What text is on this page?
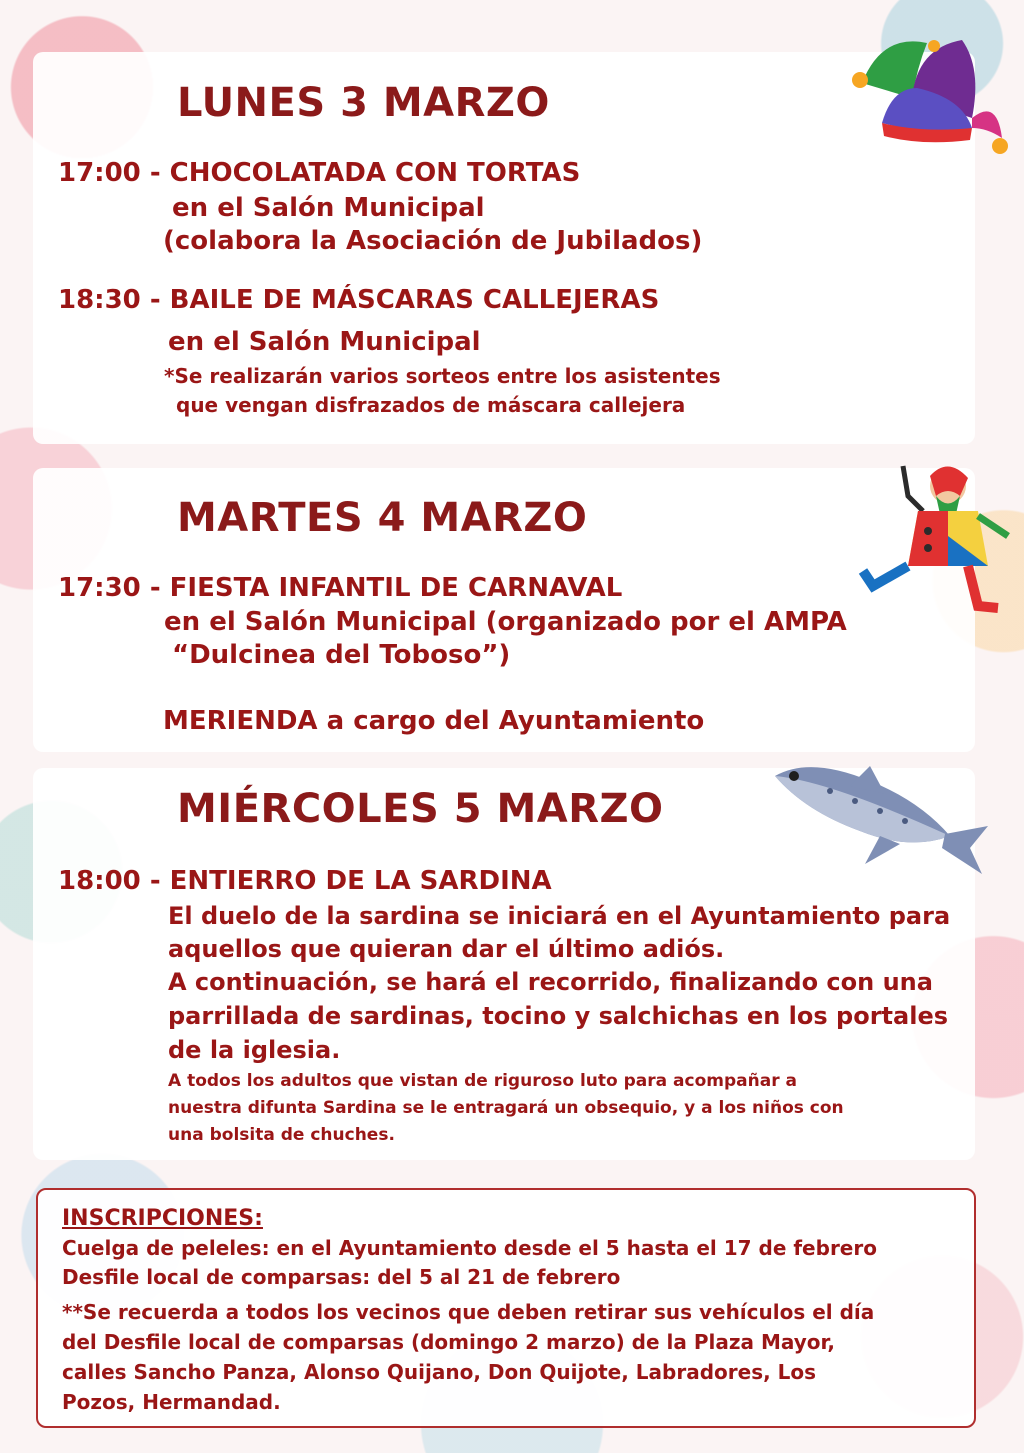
LUNES 3 MARZO

17:00 - CHOCOLATADA CON TORTAS

en el Salón Municipal

(colabora la Asociación de Jubilados)

18:30 - BAILE DE MÁSCARAS CALLEJERAS

en el Salón Municipal

*Se realizarán varios sorteos entre los asistentes

que vengan disfrazados de máscara callejera

MARTES 4 MARZO

17:30 - FIESTA INFANTIL DE CARNAVAL

en el Salón Municipal (organizado por el AMPA

“Dulcinea del Toboso”)

MERIENDA a cargo del Ayuntamiento

MIÉRCOLES 5 MARZO

18:00 - ENTIERRO DE LA SARDINA

El duelo de la sardina se iniciará en el Ayuntamiento para

aquellos que quieran dar el último adiós.

A continuación, se hará el recorrido, finalizando con una

parrillada de sardinas, tocino y salchichas en los portales

de la iglesia.

A todos los adultos que vistan de riguroso luto para acompañar a

nuestra difunta Sardina se le entragará un obsequio, y a los niños con

una bolsita de chuches.

INSCRIPCIONES:

Cuelga de peleles: en el Ayuntamiento desde el 5 hasta el 17 de febrero

Desfile local de comparsas: del 5 al 21 de febrero

**Se recuerda a todos los vecinos que deben retirar sus vehículos el día

del Desfile local de comparsas (domingo 2 marzo) de la Plaza Mayor,

calles Sancho Panza, Alonso Quijano, Don Quijote, Labradores, Los

Pozos, Hermandad.
